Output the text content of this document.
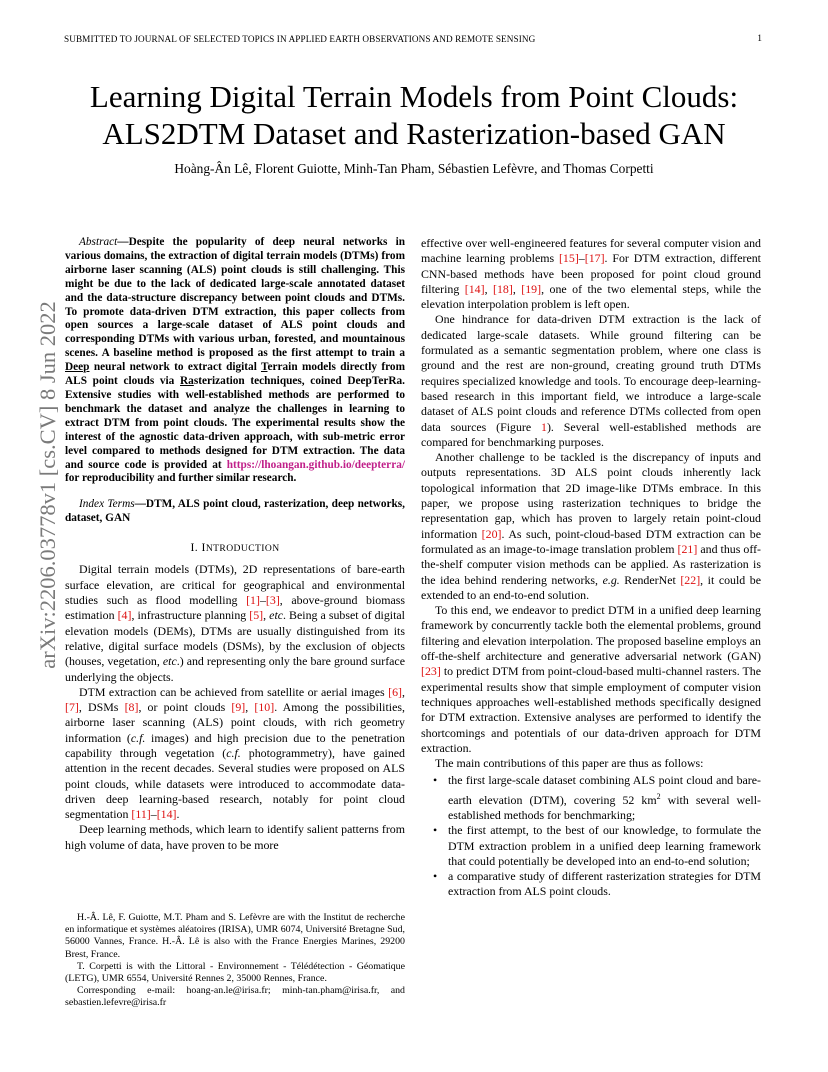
SUBMITTED TO JOURNAL OF SELECTED TOPICS IN APPLIED EARTH OBSERVATIONS AND REMOTE SENSING	1
Learning Digital Terrain Models from Point Clouds:
ALS2DTM Dataset and Rasterization-based GAN
Hoàng-Ân Lê, Florent Guiotte, Minh-Tan Pham, Sébastien Lefèvre, and Thomas Corpetti
arXiv:2206.03778v1 [cs.CV] 8 Jun 2022

Abstract—Despite the popularity of deep neural networks in various domains, the extraction of digital terrain models (DTMs) from airborne laser scanning (ALS) point clouds is still challenging. This might be due to the lack of dedicated large-scale annotated dataset and the data-structure discrepancy between point clouds and DTMs. To promote data-driven DTM extraction, this paper collects from open sources a large-scale dataset of ALS point clouds and corresponding DTMs with various urban, forested, and mountainous scenes. A baseline method is proposed as the first attempt to train a Deep neural network to extract digital Terrain models directly from ALS point clouds via Rasterization techniques, coined DeepTerRa. Extensive studies with well-established methods are performed to benchmark the dataset and analyze the challenges in learning to extract DTM from point clouds. The experimental results show the interest of the agnostic data-driven approach, with sub-metric error level compared to methods designed for DTM extraction. The data and source code is provided at https://lhoangan.github.io/deepterra/ for reproducibility and further similar research.

Index Terms—DTM, ALS point cloud, rasterization, deep networks, dataset, GAN

I. INTRODUCTION

Digital terrain models (DTMs), 2D representations of bare-earth surface elevation, are critical for geographical and environmental studies such as flood modelling [1]–[3], above-ground biomass estimation [4], infrastructure planning [5], etc. Being a subset of digital elevation models (DEMs), DTMs are usually distinguished from its relative, digital surface models (DSMs), by the exclusion of objects (houses, vegetation, etc.) and representing only the bare ground surface underlying the objects.

DTM extraction can be achieved from satellite or aerial images [6], [7], DSMs [8], or point clouds [9], [10]. Among the possibilities, airborne laser scanning (ALS) point clouds, with rich geometry information (c.f. images) and high precision due to the penetration capability through vegetation (c.f. photogrammetry), have gained attention in the recent decades. Several studies were proposed on ALS point clouds, while datasets were introduced to accommodate data-driven deep learning-based research, notably for point cloud segmentation [11]–[14].

Deep learning methods, which learn to identify salient patterns from high volume of data, have proven to be more

H.-Â. Lê, F. Guiotte, M.T. Pham and S. Lefèvre are with the Institut de recherche en informatique et systèmes aléatoires (IRISA), UMR 6074, Université Bretagne Sud, 56000 Vannes, France. H.-Â. Lê is also with the France Energies Marines, 29200 Brest, France.

T. Corpetti is with the Littoral - Environnement - Télédétection - Géomatique (LETG), UMR 6554, Université Rennes 2, 35000 Rennes, France.

Corresponding e-mail: hoang-an.le@irisa.fr; minh-tan.pham@irisa.fr, and sebastien.lefevre@irisa.fr

effective over well-engineered features for several computer vision and machine learning problems [15]–[17]. For DTM extraction, different CNN-based methods have been proposed for point cloud ground filtering [14], [18], [19], one of the two elemental steps, while the elevation interpolation problem is left open.

One hindrance for data-driven DTM extraction is the lack of dedicated large-scale datasets. While ground filtering can be formulated as a semantic segmentation problem, where one class is ground and the rest are non-ground, creating ground truth DTMs requires specialized knowledge and tools. To encourage deep-learning-based research in this important field, we introduce a large-scale dataset of ALS point clouds and reference DTMs collected from open data sources (Figure 1). Several well-established methods are compared for benchmarking purposes.

Another challenge to be tackled is the discrepancy of inputs and outputs representations. 3D ALS point clouds inherently lack topological information that 2D image-like DTMs embrace. In this paper, we propose using rasterization techniques to bridge the representation gap, which has proven to largely retain point-cloud information [20]. As such, point-cloud-based DTM extraction can be formulated as an image-to-image translation problem [21] and thus off-the-shelf computer vision methods can be applied. As rasterization is the idea behind rendering networks, e.g. RenderNet [22], it could be extended to an end-to-end solution.

To this end, we endeavor to predict DTM in a unified deep learning framework by concurrently tackle both the elemental problems, ground filtering and elevation interpolation. The proposed baseline employs an off-the-shelf architecture and generative adversarial network (GAN) [23] to predict DTM from point-cloud-based multi-channel rasters. The experimental results show that simple employment of computer vision techniques approaches well-established methods specifically designed for DTM extraction. Extensive analyses are performed to identify the shortcomings and potentials of our data-driven approach for DTM extraction.

The main contributions of this paper are thus as follows:

• the first large-scale dataset combining ALS point cloud and bare-earth elevation (DTM), covering 52 $km^2$ with several well-established methods for benchmarking;
• the first attempt, to the best of our knowledge, to formulate the DTM extraction problem in a unified deep learning framework that could potentially be developed into an end-to-end solution;
• a comparative study of different rasterization strategies for DTM extraction from ALS point clouds.
